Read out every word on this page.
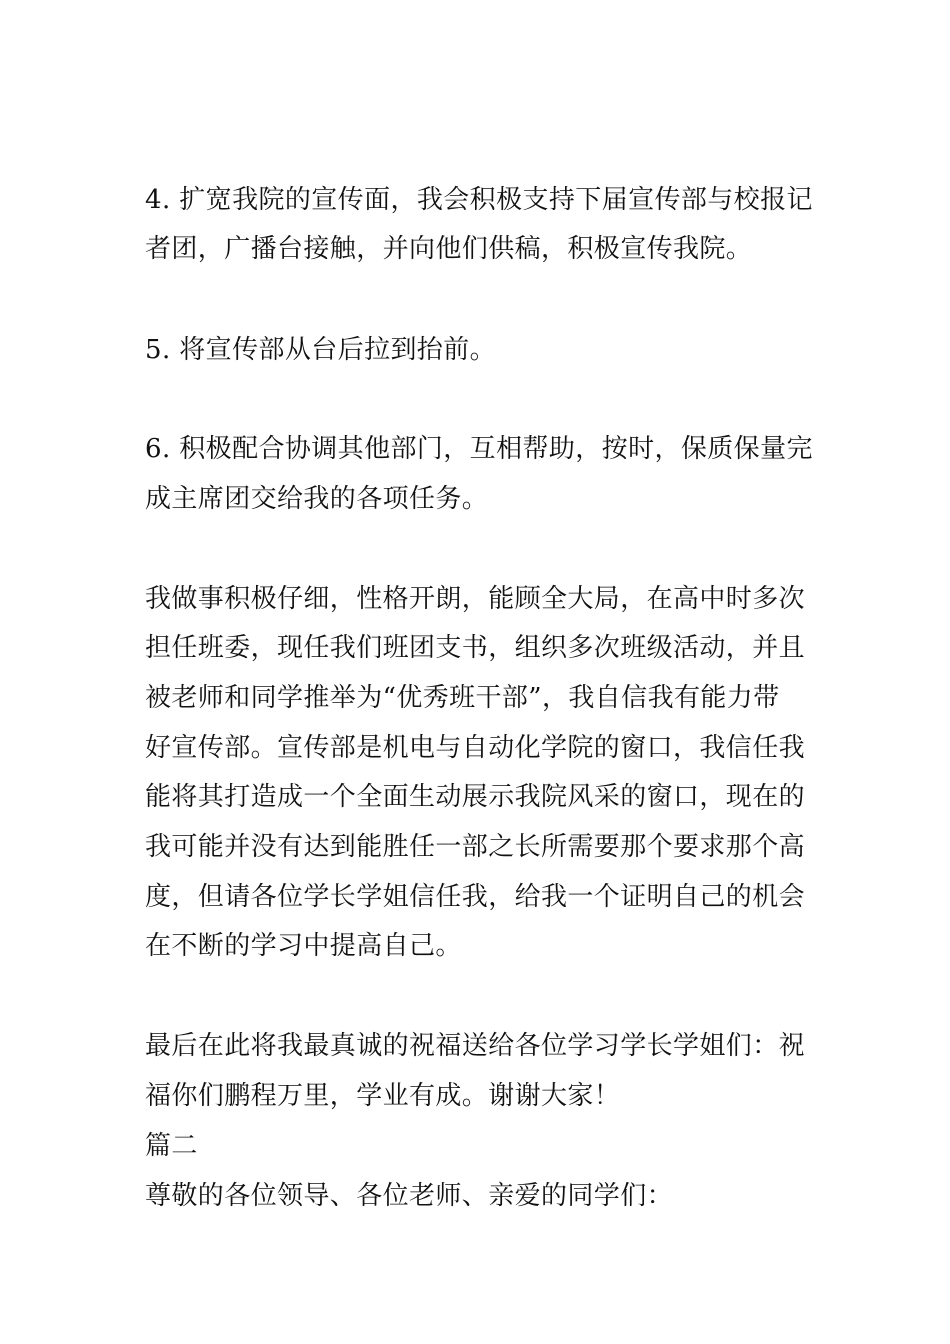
4. 扩宽我院的宣传面，我会积极支持下届宣传部与校报记
者团，广播台接触，并向他们供稿，积极宣传我院。
5. 将宣传部从台后拉到抬前。
6. 积极配合协调其他部门，互相帮助，按时，保质保量完
成主席团交给我的各项任务。
我做事积极仔细，性格开朗，能顾全大局，在高中时多次
担任班委，现任我们班团支书，组织多次班级活动，并且
被老师和同学推举为“优秀班干部”，我自信我有能力带
好宣传部。宣传部是机电与自动化学院的窗口，我信任我
能将其打造成一个全面生动展示我院风采的窗口，现在的
我可能并没有达到能胜任一部之长所需要那个要求那个高
度，但请各位学长学姐信任我，给我一个证明自己的机会
在不断的学习中提高自己。
最后在此将我最真诚的祝福送给各位学习学长学姐们：祝
福你们鹏程万里，学业有成。谢谢大家！
篇二
尊敬的各位领导、各位老师、亲爱的同学们：
